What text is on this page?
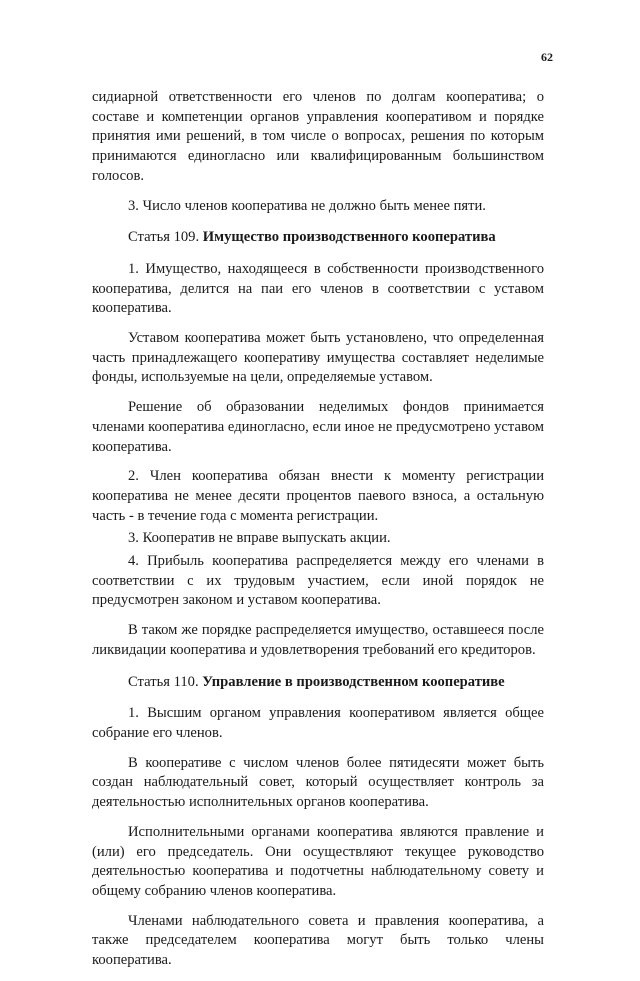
62

сидиарной ответственности его членов по долгам кооператива; о составе и компетенции органов управления кооперативом и порядке принятия ими решений, в том числе о вопросах, решения по которым принимаются единогласно или квалифицированным большинством голосов.

3. Число членов кооператива не должно быть менее пяти.

Статья 109. Имущество производственного кооператива

1. Имущество, находящееся в собственности производственного кооператива, делится на паи его членов в соответствии с уставом кооператива.

Уставом кооператива может быть установлено, что определенная часть принадлежащего кооперативу имущества составляет неделимые фонды, используемые на цели, определяемые уставом.

Решение об образовании неделимых фондов принимается членами кооператива единогласно, если иное не предусмотрено уставом кооператива.

2. Член кооператива обязан внести к моменту регистрации кооператива не менее десяти процентов паевого взноса, а остальную часть - в течение года с момента регистрации.

3. Кооператив не вправе выпускать акции.

4. Прибыль кооператива распределяется между его членами в соответствии с их трудовым участием, если иной порядок не предусмотрен законом и уставом кооператива.

В таком же порядке распределяется имущество, оставшееся после ликвидации кооператива и удовлетворения требований его кредиторов.

Статья 110. Управление в производственном кооперативе

1. Высшим органом управления кооперативом является общее собрание его членов.

В кооперативе с числом членов более пятидесяти может быть создан наблюдательный совет, который осуществляет контроль за деятельностью исполнительных органов кооператива.

Исполнительными органами кооператива являются правление и (или) его председатель. Они осуществляют текущее руководство деятельностью кооператива и подотчетны наблюдательному совету и общему собранию членов кооператива.

Членами наблюдательного совета и правления кооператива, а также председателем кооператива могут быть только члены кооператива.
